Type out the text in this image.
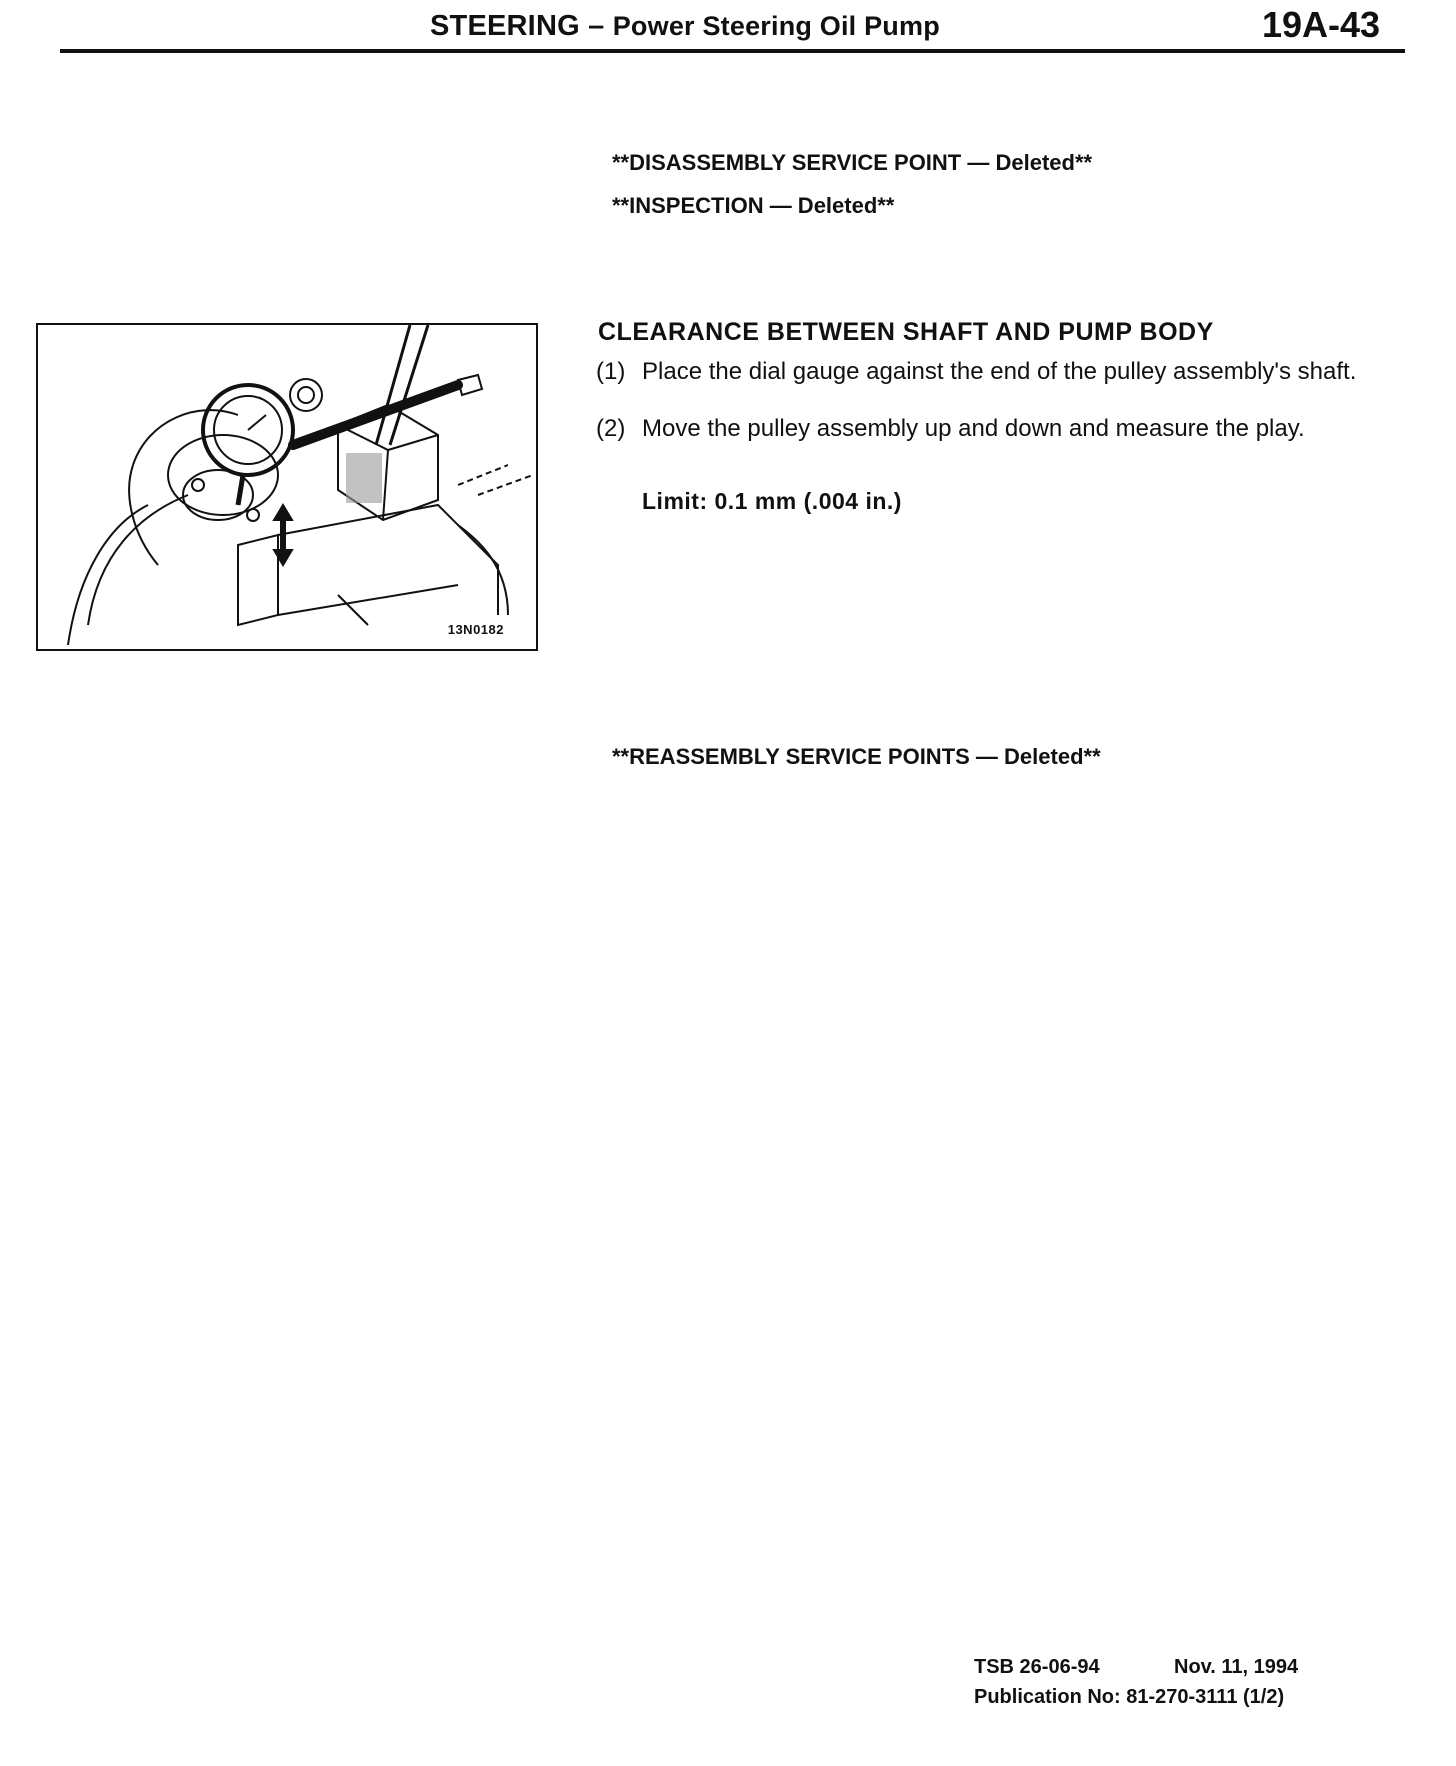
STEERING – Power Steering Oil Pump	19A-43
**DISASSEMBLY SERVICE POINT — Deleted**
**INSPECTION — Deleted**
13N0182
CLEARANCE BETWEEN SHAFT AND PUMP BODY
(1) Place the dial gauge against the end of the pulley assembly's shaft.
(2) Move the pulley assembly up and down and measure the play.
Limit: 0.1 mm (.004 in.)
**REASSEMBLY SERVICE POINTS — Deleted**
TSB 26-06-94	Nov. 11, 1994
Publication No: 81-270-3111 (1/2)
